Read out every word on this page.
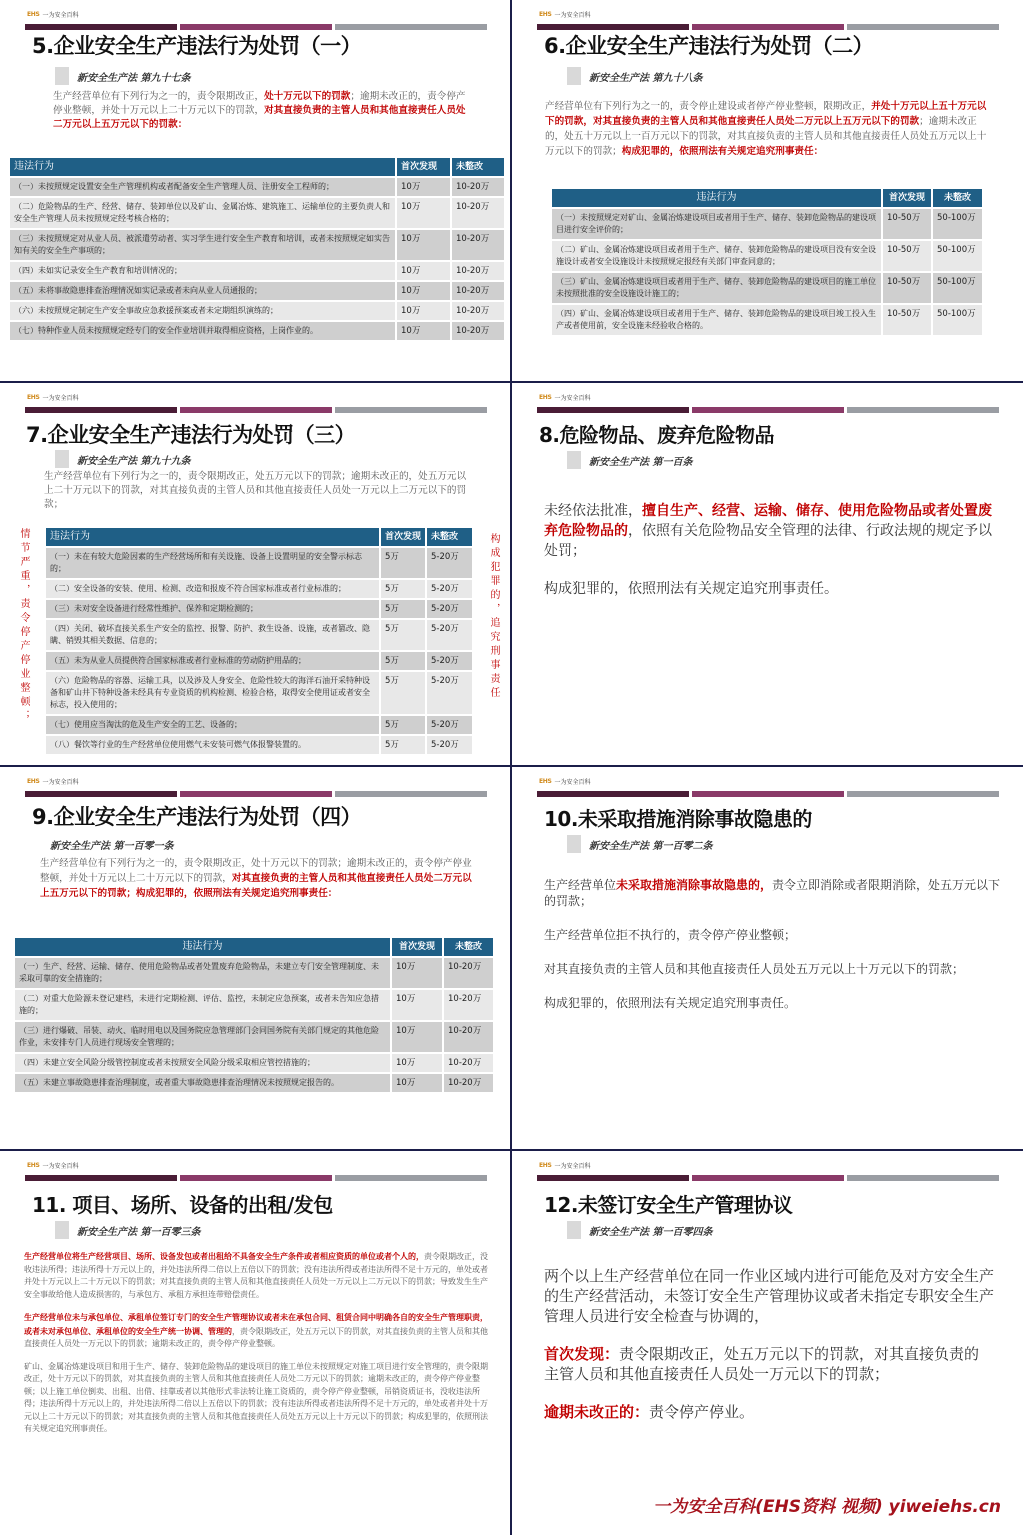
EHS 一为安全百科
5.企业安全生产违法行为处罚（一）
新安全生产法 第九十七条
生产经营单位有下列行为之一的，责令限期改正，处十万元以下的罚款；逾期未改正的，责令停产停业整顿，并处十万元以上二十万元以下的罚款，对其直接负责的主管人员和其他直接责任人员处二万元以上五万元以下的罚款：
违法行为	首次发现	未整改
（一）未按照规定设置安全生产管理机构或者配备安全生产管理人员、注册安全工程师的；	10万	10-20万
（二）危险物品的生产、经营、储存、装卸单位以及矿山、金属冶炼、建筑施工、运输单位的主要负责人和安全生产管理人员未按照规定经考核合格的；	10万	10-20万
（三）未按照规定对从业人员、被派遣劳动者、实习学生进行安全生产教育和培训，或者未按照规定如实告知有关的安全生产事项的；	10万	10-20万
（四）未如实记录安全生产教育和培训情况的；	10万	10-20万
（五）未将事故隐患排查治理情况如实记录或者未向从业人员通报的；	10万	10-20万
（六）未按照规定制定生产安全事故应急救援预案或者未定期组织演练的；	10万	10-20万
（七）特种作业人员未按照规定经专门的安全作业培训并取得相应资格，上岗作业的。	10万	10-20万
EHS 一为安全百科
6.企业安全生产违法行为处罚（二）
新安全生产法 第九十八条
产经营单位有下列行为之一的，责令停止建设或者停产停业整顿，限期改正，并处十万元以上五十万元以下的罚款，对其直接负责的主管人员和其他直接责任人员处二万元以上五万元以下的罚款；逾期未改正的，处五十万元以上一百万元以下的罚款，对其直接负责的主管人员和其他直接责任人员处五万元以上十万元以下的罚款；构成犯罪的，依照刑法有关规定追究刑事责任：
违法行为	首次发现	未整改
（一）未按照规定对矿山、金属冶炼建设项目或者用于生产、储存、装卸危险物品的建设项目进行安全评价的；	10-50万	50-100万
（二）矿山、金属冶炼建设项目或者用于生产、储存、装卸危险物品的建设项目没有安全设施设计或者安全设施设计未按照规定报经有关部门审查同意的；	10-50万	50-100万
（三）矿山、金属冶炼建设项目或者用于生产、储存、装卸危险物品的建设项目的施工单位未按照批准的安全设施设计施工的；	10-50万	50-100万
（四）矿山、金属冶炼建设项目或者用于生产、储存、装卸危险物品的建设项目竣工投入生产或者使用前，安全设施未经验收合格的。	10-50万	50-100万
EHS 一为安全百科
7.企业安全生产违法行为处罚（三）
新安全生产法 第九十九条
生产经营单位有下列行为之一的，责令限期改正，处五万元以下的罚款；逾期未改正的，处五万元以上二十万元以下的罚款，对其直接负责的主管人员和其他直接责任人员处一万元以上二万元以下的罚款；
情节严重，责令停产停业整顿；	构成犯罪的，追究刑事责任
违法行为	首次发现	未整改
（一）未在有较大危险因素的生产经营场所和有关设施、设备上设置明显的安全警示标志的；	5万	5-20万
（二）安全设备的安装、使用、检测、改造和报废不符合国家标准或者行业标准的；	5万	5-20万
（三）未对安全设备进行经常性维护、保养和定期检测的；	5万	5-20万
（四）关闭、破坏直接关系生产安全的监控、报警、防护、救生设备、设施，或者篡改、隐瞒、销毁其相关数据、信息的；	5万	5-20万
（五）未为从业人员提供符合国家标准或者行业标准的劳动防护用品的；	5万	5-20万
（六）危险物品的容器、运输工具，以及涉及人身安全、危险性较大的海洋石油开采特种设备和矿山井下特种设备未经具有专业资质的机构检测、检验合格，取得安全使用证或者安全标志，投入使用的；	5万	5-20万
（七）使用应当淘汰的危及生产安全的工艺、设备的；	5万	5-20万
（八）餐饮等行业的生产经营单位使用燃气未安装可燃气体报警装置的。	5万	5-20万
EHS 一为安全百科
8.危险物品、废弃危险物品
新安全生产法 第一百条
未经依法批准，擅自生产、经营、运输、储存、使用危险物品或者处置废弃危险物品的，依照有关危险物品安全管理的法律、行政法规的规定予以处罚；
构成犯罪的，依照刑法有关规定追究刑事责任。
EHS 一为安全百科
9.企业安全生产违法行为处罚（四）
新安全生产法 第一百零一条
生产经营单位有下列行为之一的，责令限期改正，处十万元以下的罚款；逾期未改正的，责令停产停业整顿，并处十万元以上二十万元以下的罚款，对其直接负责的主管人员和其他直接责任人员处二万元以上五万元以下的罚款；构成犯罪的，依照刑法有关规定追究刑事责任：
违法行为	首次发现	未整改
（一）生产、经营、运输、储存、使用危险物品或者处置废弃危险物品，未建立专门安全管理制度、未采取可靠的安全措施的；	10万	10-20万
（二）对重大危险源未登记建档，未进行定期检测、评估、监控，未制定应急预案，或者未告知应急措施的；	10万	10-20万
（三）进行爆破、吊装、动火、临时用电以及国务院应急管理部门会同国务院有关部门规定的其他危险作业，未安排专门人员进行现场安全管理的；	10万	10-20万
（四）未建立安全风险分级管控制度或者未按照安全风险分级采取相应管控措施的；	10万	10-20万
（五）未建立事故隐患排查治理制度，或者重大事故隐患排查治理情况未按照规定报告的。	10万	10-20万
EHS 一为安全百科
10.未采取措施消除事故隐患的
新安全生产法 第一百零二条
生产经营单位未采取措施消除事故隐患的，责令立即消除或者限期消除，处五万元以下的罚款；
生产经营单位拒不执行的，责令停产停业整顿；
对其直接负责的主管人员和其他直接责任人员处五万元以上十万元以下的罚款；
构成犯罪的，依照刑法有关规定追究刑事责任。
EHS 一为安全百科
11. 项目、场所、设备的出租/发包
新安全生产法 第一百零三条
生产经营单位将生产经营项目、场所、设备发包或者出租给不具备安全生产条件或者相应资质的单位或者个人的，责令限期改正，没收违法所得；违法所得十万元以上的，并处违法所得二倍以上五倍以下的罚款；没有违法所得或者违法所得不足十万元的，单处或者并处十万元以上二十万元以下的罚款；对其直接负责的主管人员和其他直接责任人员处一万元以上二万元以下的罚款；导致发生生产安全事故给他人造成损害的，与承包方、承租方承担连带赔偿责任。
生产经营单位未与承包单位、承租单位签订专门的安全生产管理协议或者未在承包合同、租赁合同中明确各自的安全生产管理职责，或者未对承包单位、承租单位的安全生产统一协调、管理的，责令限期改正，处五万元以下的罚款，对其直接负责的主管人员和其他直接责任人员处一万元以下的罚款；逾期未改正的，责令停产停业整顿。
矿山、金属冶炼建设项目和用于生产、储存、装卸危险物品的建设项目的施工单位未按照规定对施工项目进行安全管理的，责令限期改正，处十万元以下的罚款，对其直接负责的主管人员和其他直接责任人员处二万元以下的罚款；逾期未改正的，责令停产停业整顿；以上施工单位倒卖、出租、出借、挂靠或者以其他形式非法转让施工资质的，责令停产停业整顿，吊销资质证书，没收违法所得；违法所得十万元以上的，并处违法所得二倍以上五倍以下的罚款；没有违法所得或者违法所得不足十万元的，单处或者并处十万元以上二十万元以下的罚款；对其直接负责的主管人员和其他直接责任人员处五万元以上十万元以下的罚款；构成犯罪的，依照刑法有关规定追究刑事责任。
EHS 一为安全百科
12.未签订安全生产管理协议
新安全生产法 第一百零四条
两个以上生产经营单位在同一作业区域内进行可能危及对方安全生产的生产经营活动，未签订安全生产管理协议或者未指定专职安全生产管理人员进行安全检查与协调的，
首次发现：责令限期改正，处五万元以下的罚款，对其直接负责的主管人员和其他直接责任人员处一万元以下的罚款；
逾期未改正的：责令停产停业。
一为安全百科(EHS资料 视频) yiweiehs.cn
